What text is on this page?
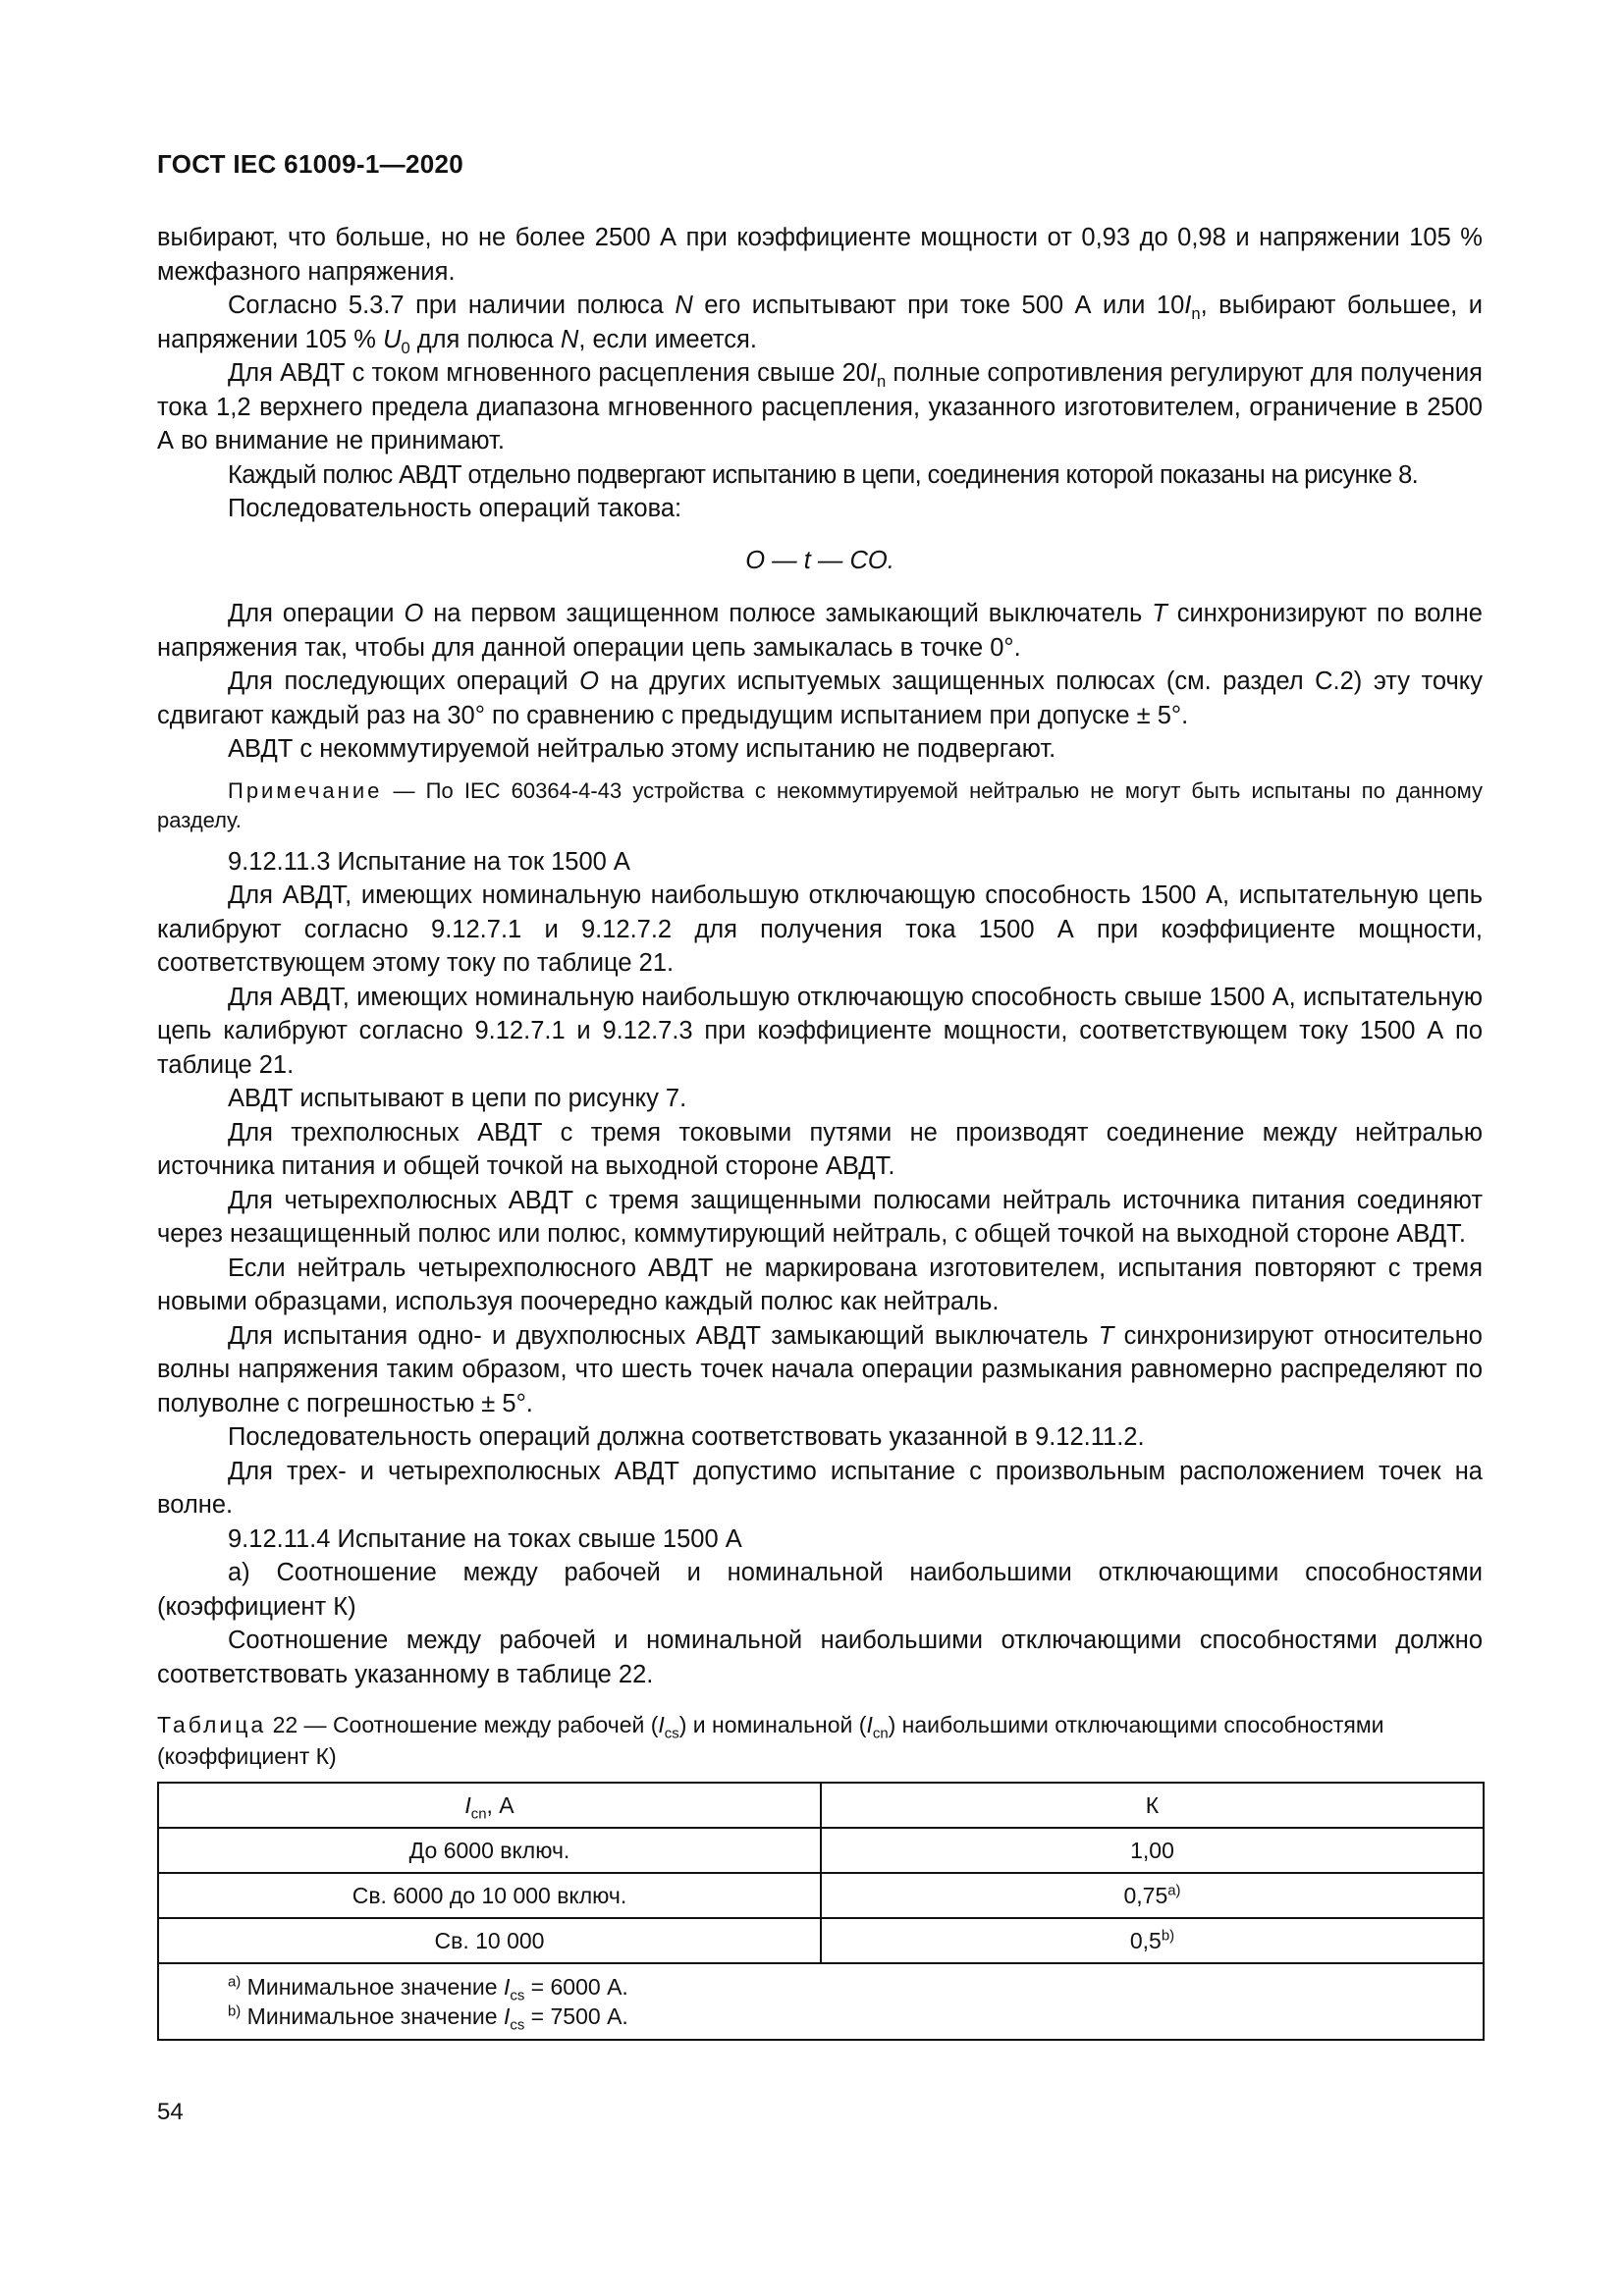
ГОСТ IEC 61009-1—2020

выбирают, что больше, но не более 2500 А при коэффициенте мощности от 0,93 до 0,98 и напряжении 105 % межфазного напряжения.

Согласно 5.3.7 при наличии полюса N его испытывают при токе 500 А или $10I_n$, выбирают большее, и напряжении 105 % $U_0$ для полюса N, если имеется.

Для АВДТ с током мгновенного расцепления свыше $20I_n$ полные сопротивления регулируют для получения тока 1,2 верхнего предела диапазона мгновенного расцепления, указанного изготовителем, ограничение в 2500 А во внимание не принимают.

Каждый полюс АВДТ отдельно подвергают испытанию в цепи, соединения которой показаны на рисунке 8.

Последовательность операций такова:

O — t — CO.

Для операции O на первом защищенном полюсе замыкающий выключатель T синхронизируют по волне напряжения так, чтобы для данной операции цепь замыкалась в точке 0°.

Для последующих операций O на других испытуемых защищенных полюсах (см. раздел С.2) эту точку сдвигают каждый раз на 30° по сравнению с предыдущим испытанием при допуске ± 5°.

АВДТ с некоммутируемой нейтралью этому испытанию не подвергают.

Примечание — По IEC 60364-4-43 устройства с некоммутируемой нейтралью не могут быть испытаны по данному разделу.

9.12.11.3 Испытание на ток 1500 А

Для АВДТ, имеющих номинальную наибольшую отключающую способность 1500 А, испытательную цепь калибруют согласно 9.12.7.1 и 9.12.7.2 для получения тока 1500 А при коэффициенте мощности, соответствующем этому току по таблице 21.

Для АВДТ, имеющих номинальную наибольшую отключающую способность свыше 1500 А, испытательную цепь калибруют согласно 9.12.7.1 и 9.12.7.3 при коэффициенте мощности, соответствующем току 1500 А по таблице 21.

АВДТ испытывают в цепи по рисунку 7.

Для трехполюсных АВДТ с тремя токовыми путями не производят соединение между нейтралью источника питания и общей точкой на выходной стороне АВДТ.

Для четырехполюсных АВДТ с тремя защищенными полюсами нейтраль источника питания соединяют через незащищенный полюс или полюс, коммутирующий нейтраль, с общей точкой на выходной стороне АВДТ.

Если нейтраль четырехполюсного АВДТ не маркирована изготовителем, испытания повторяют с тремя новыми образцами, используя поочередно каждый полюс как нейтраль.

Для испытания одно- и двухполюсных АВДТ замыкающий выключатель T синхронизируют относительно волны напряжения таким образом, что шесть точек начала операции размыкания равномерно распределяют по полуволне с погрешностью ± 5°.

Последовательность операций должна соответствовать указанной в 9.12.11.2.

Для трех- и четырехполюсных АВДТ допустимо испытание с произвольным расположением точек на волне.

9.12.11.4 Испытание на токах свыше 1500 А

a) Соотношение между рабочей и номинальной наибольшими отключающими способностями (коэффициент К)

Соотношение между рабочей и номинальной наибольшими отключающими способностями должно соответствовать указанному в таблице 22.

Таблица 22 — Соотношение между рабочей $(I_{cs})$ и номинальной $(I_{cn})$ наибольшими отключающими способностями (коэффициент К)

$I_{cn}$, А	К
До 6000 включ.	1,00
Св. 6000 до 10 000 включ.	0,75$^{a)}$
Св. 10 000	0,5$^{b)}$

$^{a)}$ Минимальное значение $I_{cs} = 6000$ А.
$^{b)}$ Минимальное значение $I_{cs} = 7500$ А.	
54
